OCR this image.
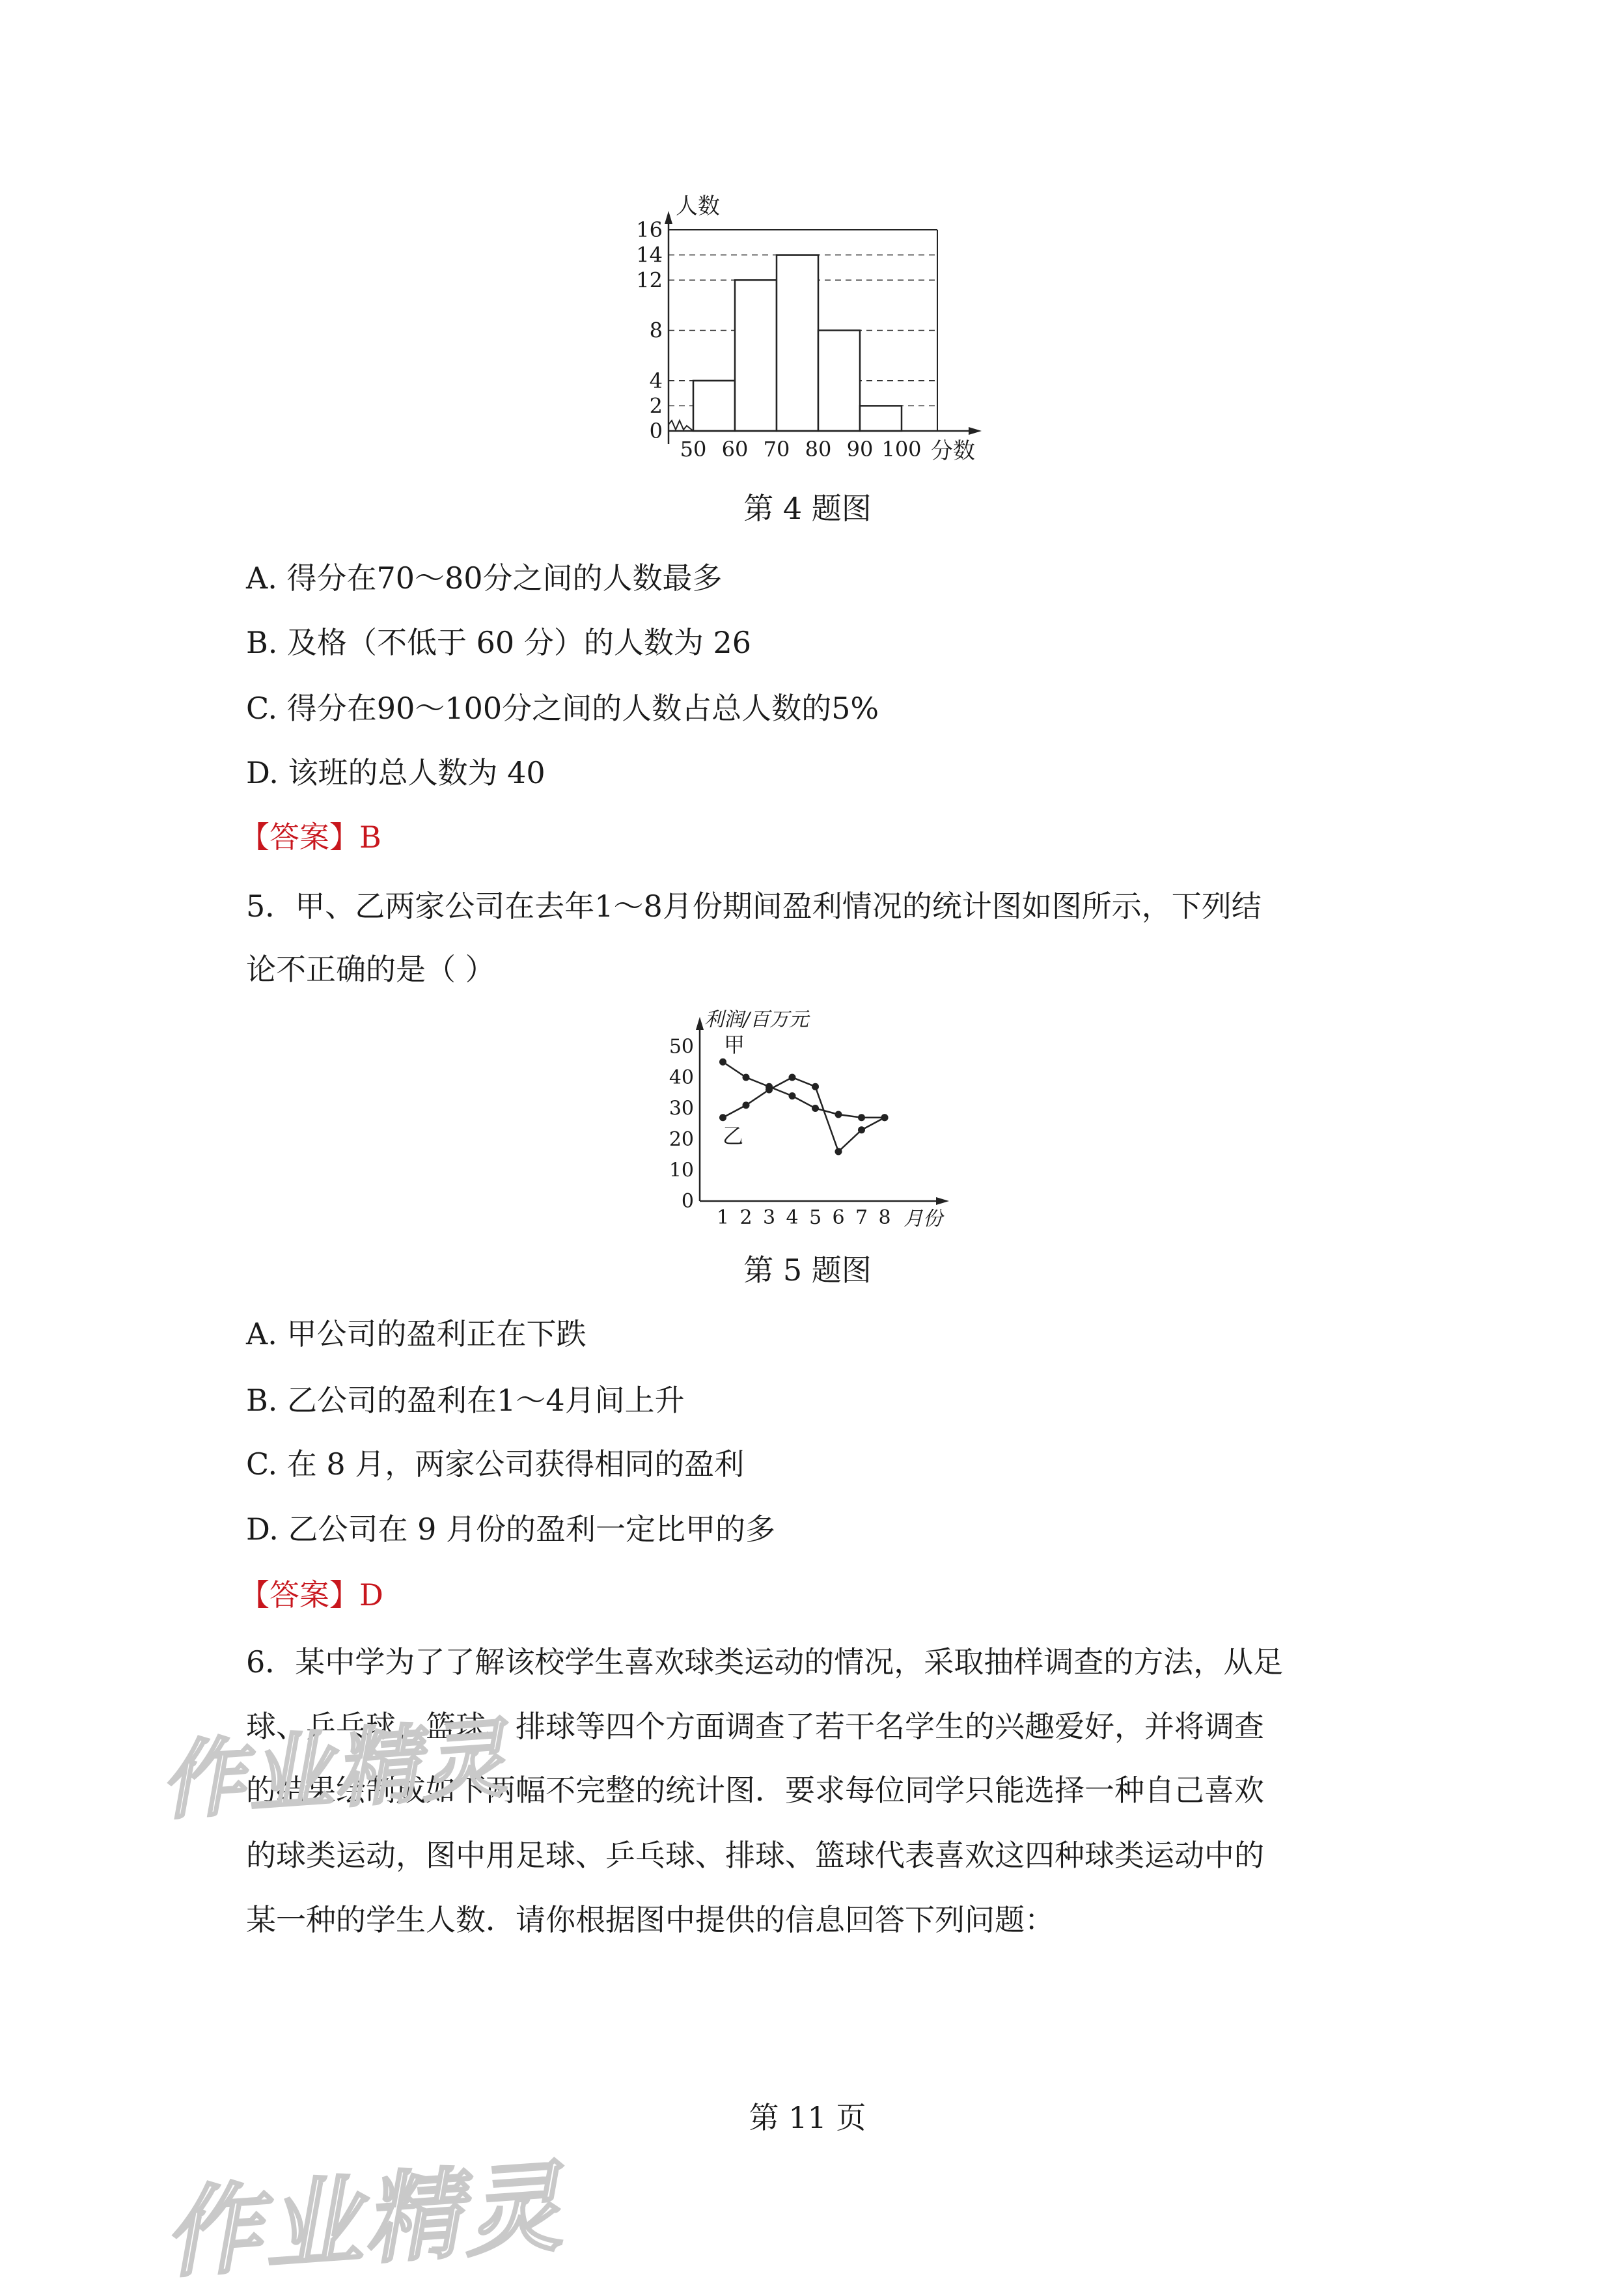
0
2
4
8
12
14
16
50 60 70 80 90 100
人数
分数
第 4 题图
A. 得分在70～80分之间的人数最多
B. 及格（不低于 60 分）的人数为 26
C. 得分在90～100分之间的人数占总人数的5%
D. 该班的总人数为 40
【答案】B
5．甲、乙两家公司在去年1～8月份期间盈利情况的统计图如图所示，下列结
论不正确的是（ ）
0
10
20
30
40
50
1 2 3 4 5 6 7 8
利润/百万元
月份
甲
乙
第 5 题图
A. 甲公司的盈利正在下跌
B. 乙公司的盈利在1～4月间上升
C. 在 8 月，两家公司获得相同的盈利
D. 乙公司在 9 月份的盈利一定比甲的多
【答案】D
6．某中学为了了解该校学生喜欢球类运动的情况，采取抽样调查的方法，从足
球、乒乓球、篮球、排球等四个方面调查了若干名学生的兴趣爱好，并将调查
的结果绘制成如下两幅不完整的统计图．要求每位同学只能选择一种自己喜欢
的球类运动，图中用足球、乒乓球、排球、篮球代表喜欢这四种球类运动中的
某一种的学生人数．请你根据图中提供的信息回答下列问题：
第 11 页
作业精灵
作业精灵
